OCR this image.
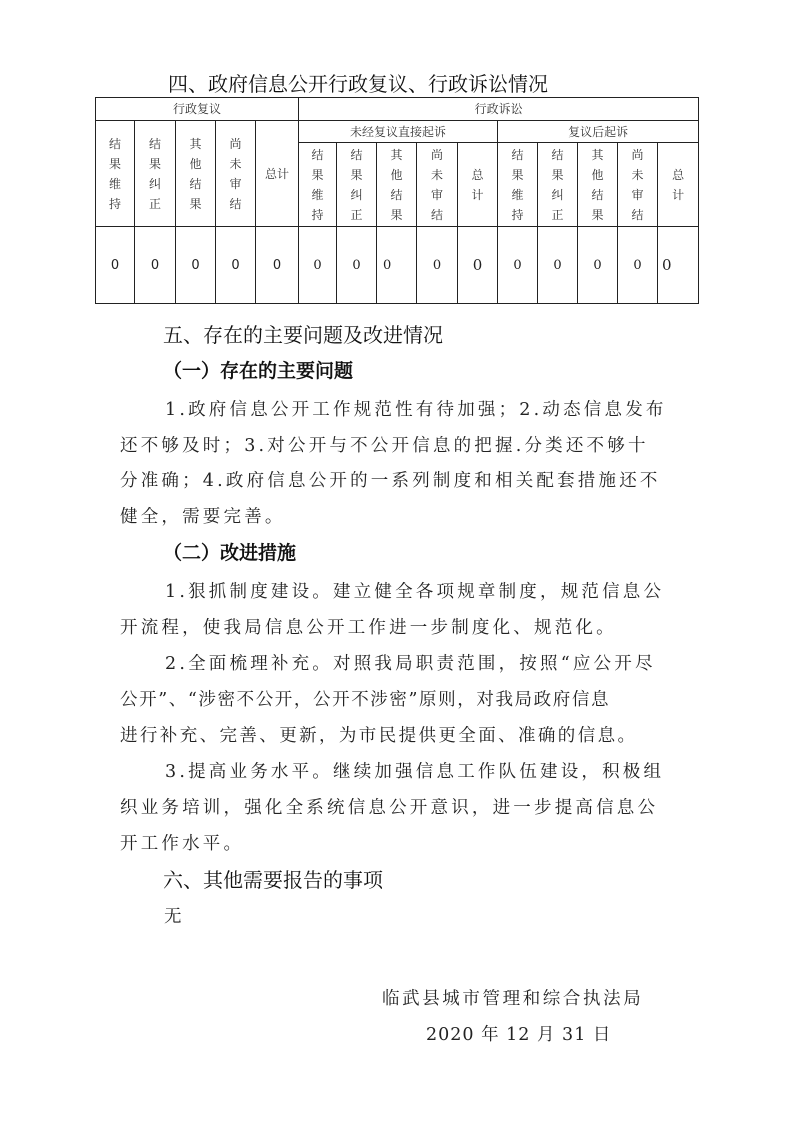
四、政府信息公开行政复议、行政诉讼情况
行政复议					行政诉讼									
结果维持	结果纠正	其他结果	尚未审结	总计	未经复议直接起诉					复议后起诉				
					结果维持	结果纠正	其他结果	尚未审结	总计	结果维持	结果纠正	其他结果	尚未审结	总计
0	0	0	0	0	0	0	0	0	0	0	0	0	0	0
五、存在的主要问题及改进情况
（一）存在的主要问题
1.政府信息公开工作规范性有待加强；2.动态信息发布
还不够及时；3.对公开与不公开信息的把握.分类还不够十
分准确；4.政府信息公开的一系列制度和相关配套措施还不
健全，需要完善。
（二）改进措施
1.狠抓制度建设。建立健全各项规章制度，规范信息公
开流程，使我局信息公开工作进一步制度化、规范化。
2.全面梳理补充。对照我局职责范围，按照“应公开尽
公开”、“涉密不公开，公开不涉密”原则，对我局政府信息
进行补充、完善、更新，为市民提供更全面、准确的信息。
3.提高业务水平。继续加强信息工作队伍建设，积极组
织业务培训，强化全系统信息公开意识，进一步提高信息公
开工作水平。
六、其他需要报告的事项
无
临武县城市管理和综合执法局
2020 年 12 月 31 日
